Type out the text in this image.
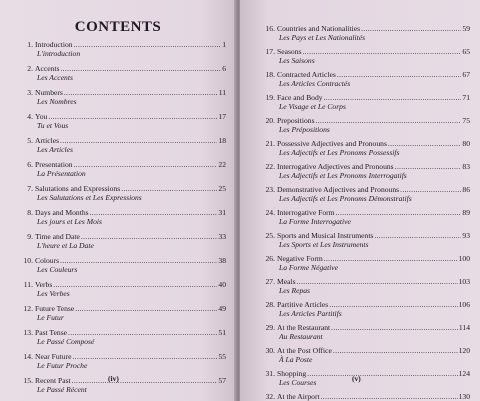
CONTENTS
1. Introduction .....	1
L'introduction
2. Accents .....	6
Les Accents
3. Numbers .....	11
Les Nombres
4. You .....	17
Tu et Vous
5. Articles .....	18
Les Articles
6. Presentation .....	22
La Présentation
7. Salutations and Expressions .....	25
Les Salutations et Les Expressions
8. Days and Months .....	31
Les jours et Les Mois
9. Time and Date .....	33
L'heure et La Date
10. Colours .....	38
Les Couleurs
11. Verbs .....	40
Les Verbes
12. Future Tense .....	49
Le Futur
13. Past Tense .....	51
Le Passé Composé
14. Near Future .....	55
Le Futur Proche
15. Recent Past .....	57
Le Passé Récent
(iv)
16. Countries and Nationalities .....	59
Les Pays et Les Nationalités
17. Seasons .....	65
Les Saisons
18. Contracted Articles .....	67
Les Articles Contractés
19. Face and Body .....	71
Le Visage et Le Corps
20. Prepositions .....	75
Les Prépositions
21. Possessive Adjectives and Pronouns .....	80
Les Adjectifs et Les Pronoms Possessifs
22. Interrogative Adjectives and Pronouns .....	83
Les Adjectifs et Les Pronoms Interrogatifs
23. Demonstrative Adjectives and Pronouns .....	86
Les Adjectifs et Les Pronoms Démonstratifs
24. Interrogative Form .....	89
La Forme Interrogative
25. Sports and Musical Instruments .....	93
Les Sports et Les Instruments
26. Negative Form .....	100
La Forme Négative
27. Meals .....	103
Les Repas
28. Partitive Articles .....	106
Les Articles Partitifs
29. At the Restaurant .....	114
Au Restaurant
30. At the Post Office .....	120
À La Poste
31. Shopping .....	124
Les Courses
32. At the Airport .....	130
(v)
